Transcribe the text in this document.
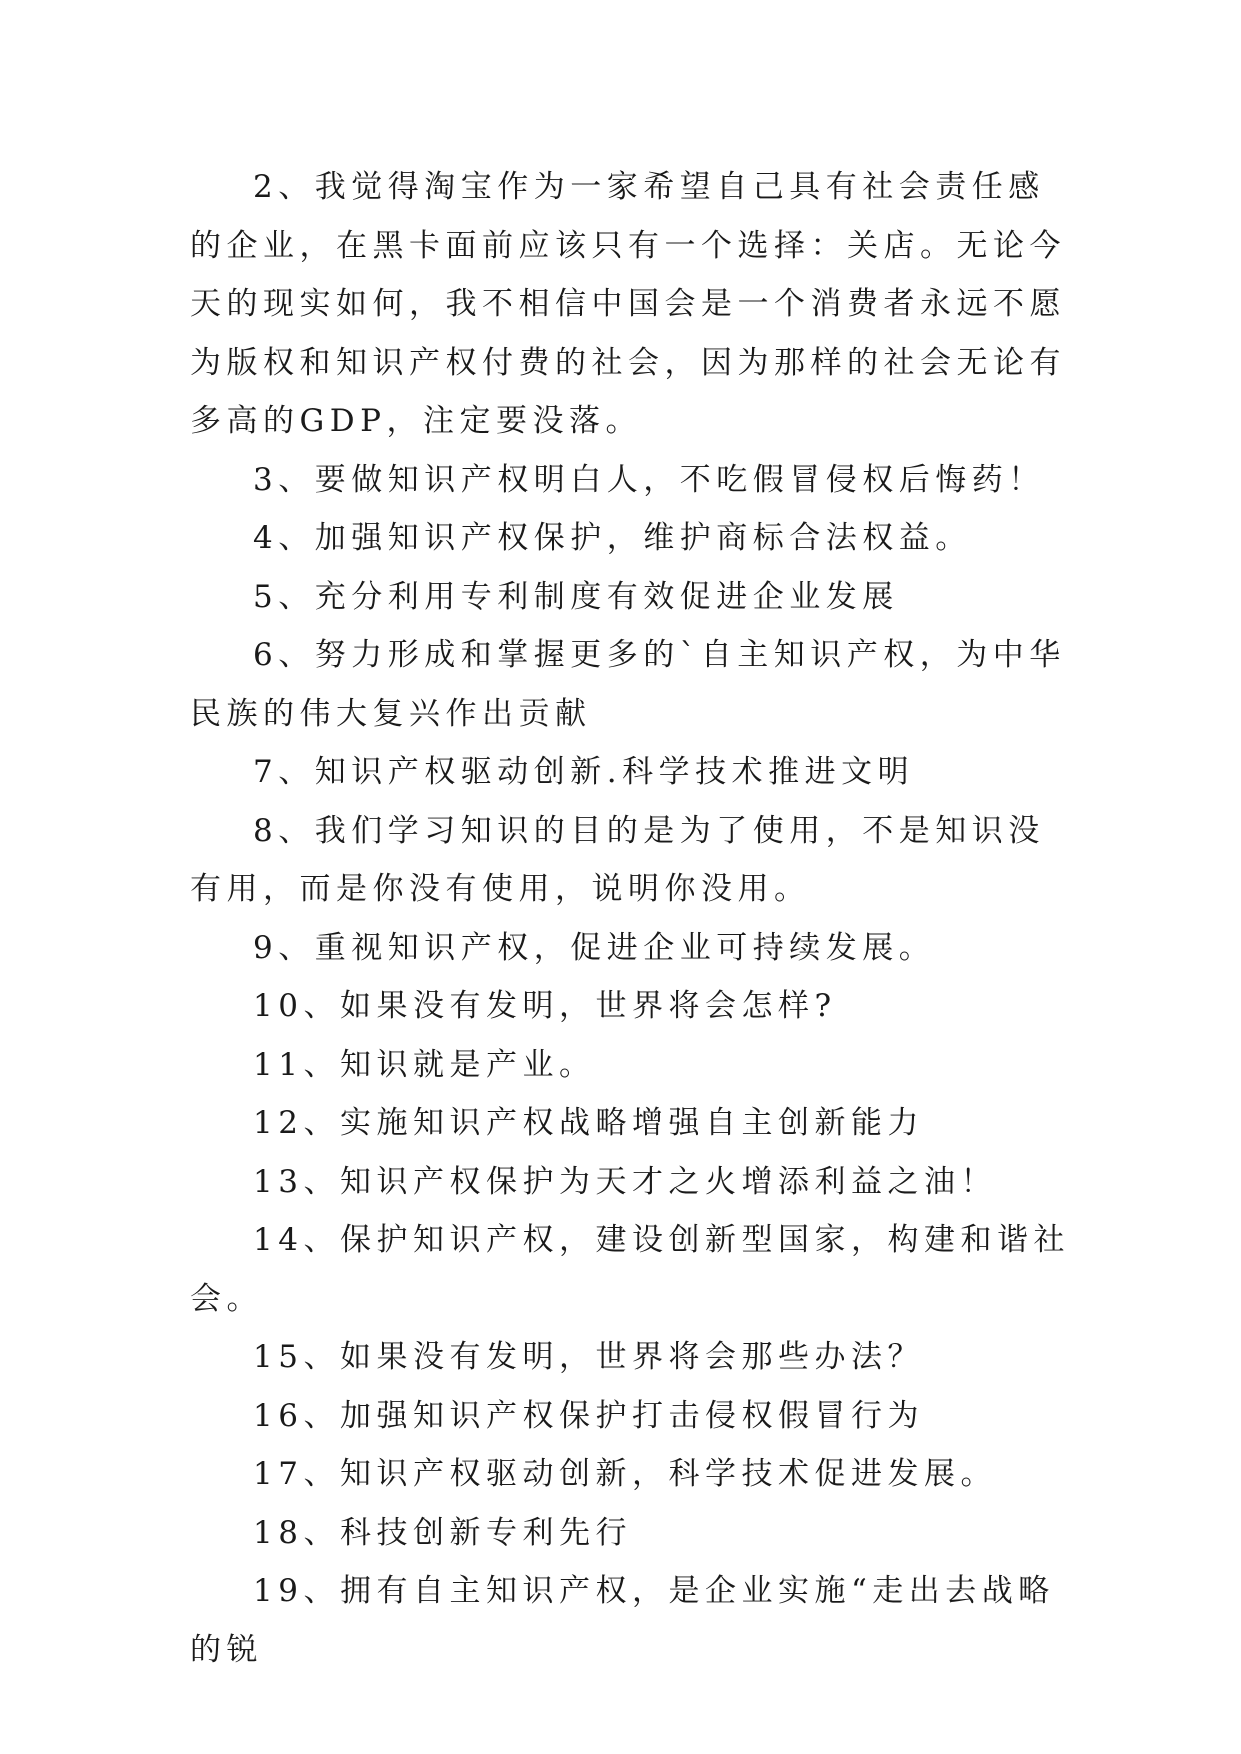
2、我觉得淘宝作为一家希望自己具有社会责任感的企业，在黑卡面前应该只有一个选择：关店。无论今天的现实如何，我不相信中国会是一个消费者永远不愿为版权和知识产权付费的社会，因为那样的社会无论有多高的GDP，注定要没落。

3、要做知识产权明白人，不吃假冒侵权后悔药！

4、加强知识产权保护，维护商标合法权益。

5、充分利用专利制度有效促进企业发展

6、努力形成和掌握更多的`自主知识产权，为中华民族的伟大复兴作出贡献

7、知识产权驱动创新.科学技术推进文明

8、我们学习知识的目的是为了使用，不是知识没有用，而是你没有使用，说明你没用。

9、重视知识产权，促进企业可持续发展。

10、如果没有发明，世界将会怎样?

11、知识就是产业。

12、实施知识产权战略增强自主创新能力

13、知识产权保护为天才之火增添利益之油！

14、保护知识产权，建设创新型国家，构建和谐社会。

15、如果没有发明，世界将会那些办法？

16、加强知识产权保护打击侵权假冒行为

17、知识产权驱动创新，科学技术促进发展。

18、科技创新专利先行

19、拥有自主知识产权，是企业实施“走出去战略的锐
